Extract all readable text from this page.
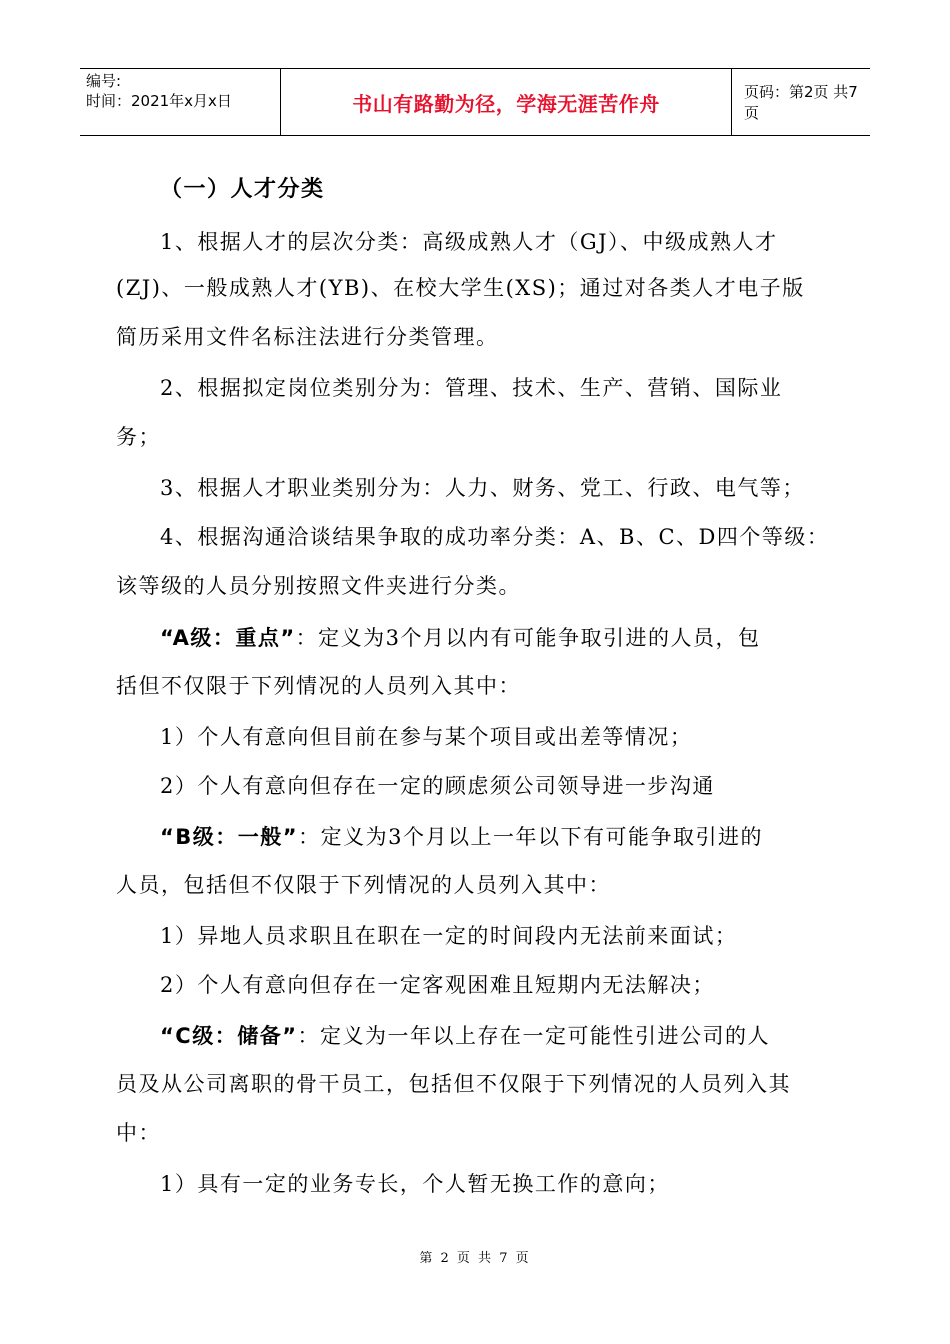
编号:
时间：2021年x月x日	书山有路勤为径，学海无涯苦作舟	页码：第2页 共7页
（一）人才分类
1、根据人才的层次分类：高级成熟人才（GJ）、中级成熟人才
(ZJ)、一般成熟人才(YB)、在校大学生(XS)；通过对各类人才电子版
简历采用文件名标注法进行分类管理。
2、根据拟定岗位类别分为：管理、技术、生产、营销、国际业
务；
3、根据人才职业类别分为：人力、财务、党工、行政、电气等；
4、根据沟通洽谈结果争取的成功率分类：A、B、C、D四个等级：
该等级的人员分别按照文件夹进行分类。
“A级：重点”：定义为3个月以内有可能争取引进的人员，包
括但不仅限于下列情况的人员列入其中：
1）个人有意向但目前在参与某个项目或出差等情况；
2）个人有意向但存在一定的顾虑须公司领导进一步沟通
“B级：一般”：定义为3个月以上一年以下有可能争取引进的
人员，包括但不仅限于下列情况的人员列入其中：
1）异地人员求职且在职在一定的时间段内无法前来面试；
2）个人有意向但存在一定客观困难且短期内无法解决；
“C级：储备”：定义为一年以上存在一定可能性引进公司的人
员及从公司离职的骨干员工，包括但不仅限于下列情况的人员列入其
中：
1）具有一定的业务专长，个人暂无换工作的意向；
第 2 页 共 7 页
